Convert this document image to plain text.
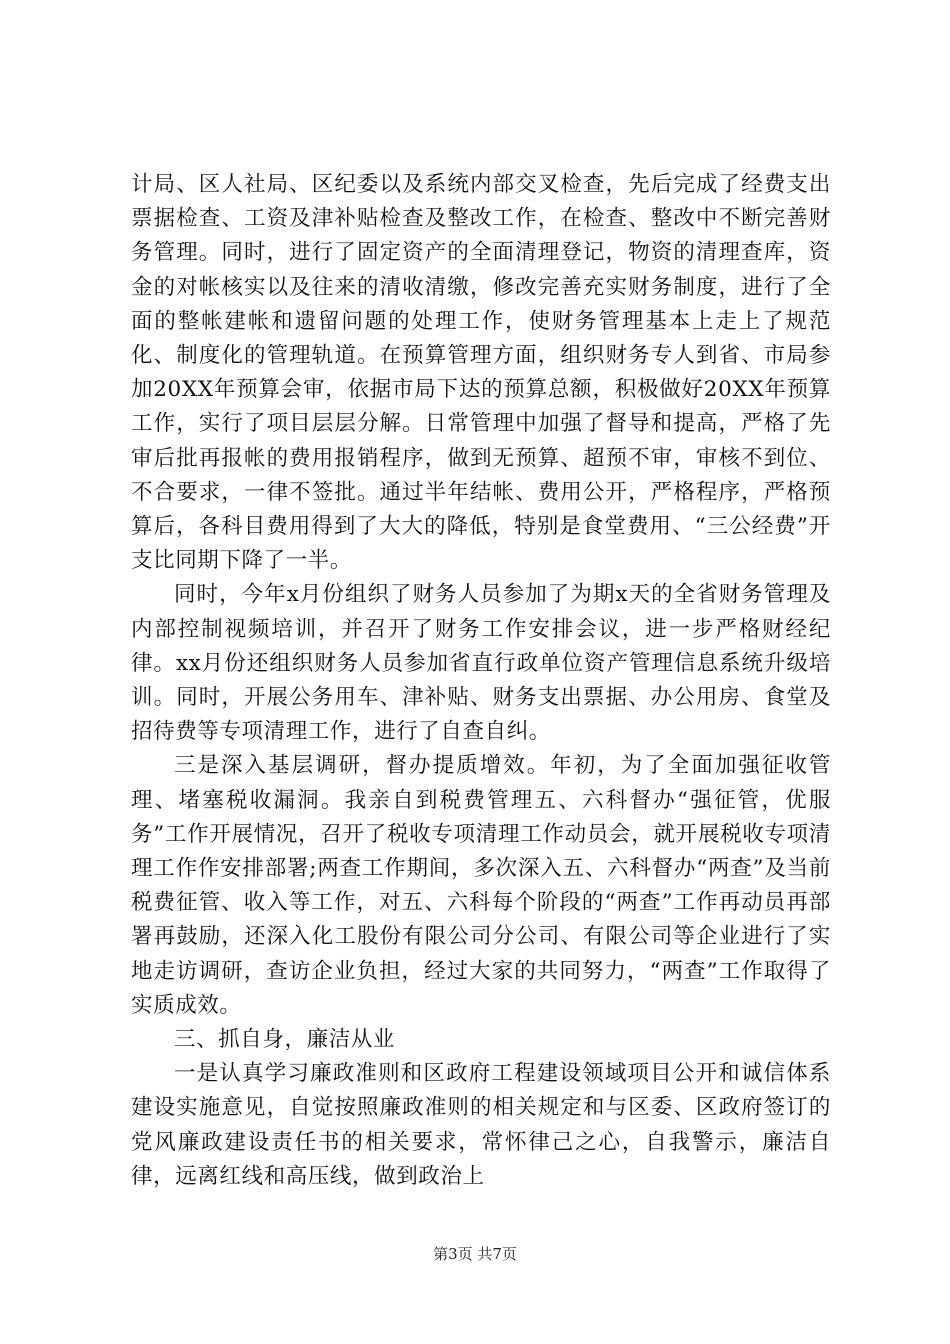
计局、区人社局、区纪委以及系统内部交叉检查，先后完成了经费支出票据检查、工资及津补贴检查及整改工作，在检查、整改中不断完善财务管理。同时，进行了固定资产的全面清理登记，物资的清理查库，资金的对帐核实以及往来的清收清缴，修改完善充实财务制度，进行了全面的整帐建帐和遗留问题的处理工作，使财务管理基本上走上了规范化、制度化的管理轨道。在预算管理方面，组织财务专人到省、市局参加20XX年预算会审，依据市局下达的预算总额，积极做好20XX年预算工作，实行了项目层层分解。日常管理中加强了督导和提高，严格了先审后批再报帐的费用报销程序，做到无预算、超预不审，审核不到位、不合要求，一律不签批。通过半年结帐、费用公开，严格程序，严格预算后，各科目费用得到了大大的降低，特别是食堂费用、“三公经费”开支比同期下降了一半。

同时，今年x月份组织了财务人员参加了为期x天的全省财务管理及内部控制视频培训，并召开了财务工作安排会议，进一步严格财经纪律。xx月份还组织财务人员参加省直行政单位资产管理信息系统升级培训。同时，开展公务用车、津补贴、财务支出票据、办公用房、食堂及招待费等专项清理工作，进行了自查自纠。

三是深入基层调研，督办提质增效。年初，为了全面加强征收管理、堵塞税收漏洞。我亲自到税费管理五、六科督办“强征管，优服务”工作开展情况，召开了税收专项清理工作动员会，就开展税收专项清理工作作安排部署;两查工作期间，多次深入五、六科督办“两查”及当前税费征管、收入等工作，对五、六科每个阶段的“两查”工作再动员再部署再鼓励，还深入化工股份有限公司分公司、有限公司等企业进行了实地走访调研，查访企业负担，经过大家的共同努力，“两查”工作取得了实质成效。

三、抓自身，廉洁从业

一是认真学习廉政准则和区政府工程建设领域项目公开和诚信体系建设实施意见，自觉按照廉政准则的相关规定和与区委、区政府签订的党风廉政建设责任书的相关要求，常怀律己之心，自我警示，廉洁自律，远离红线和高压线，做到政治上

第3页 共7页
